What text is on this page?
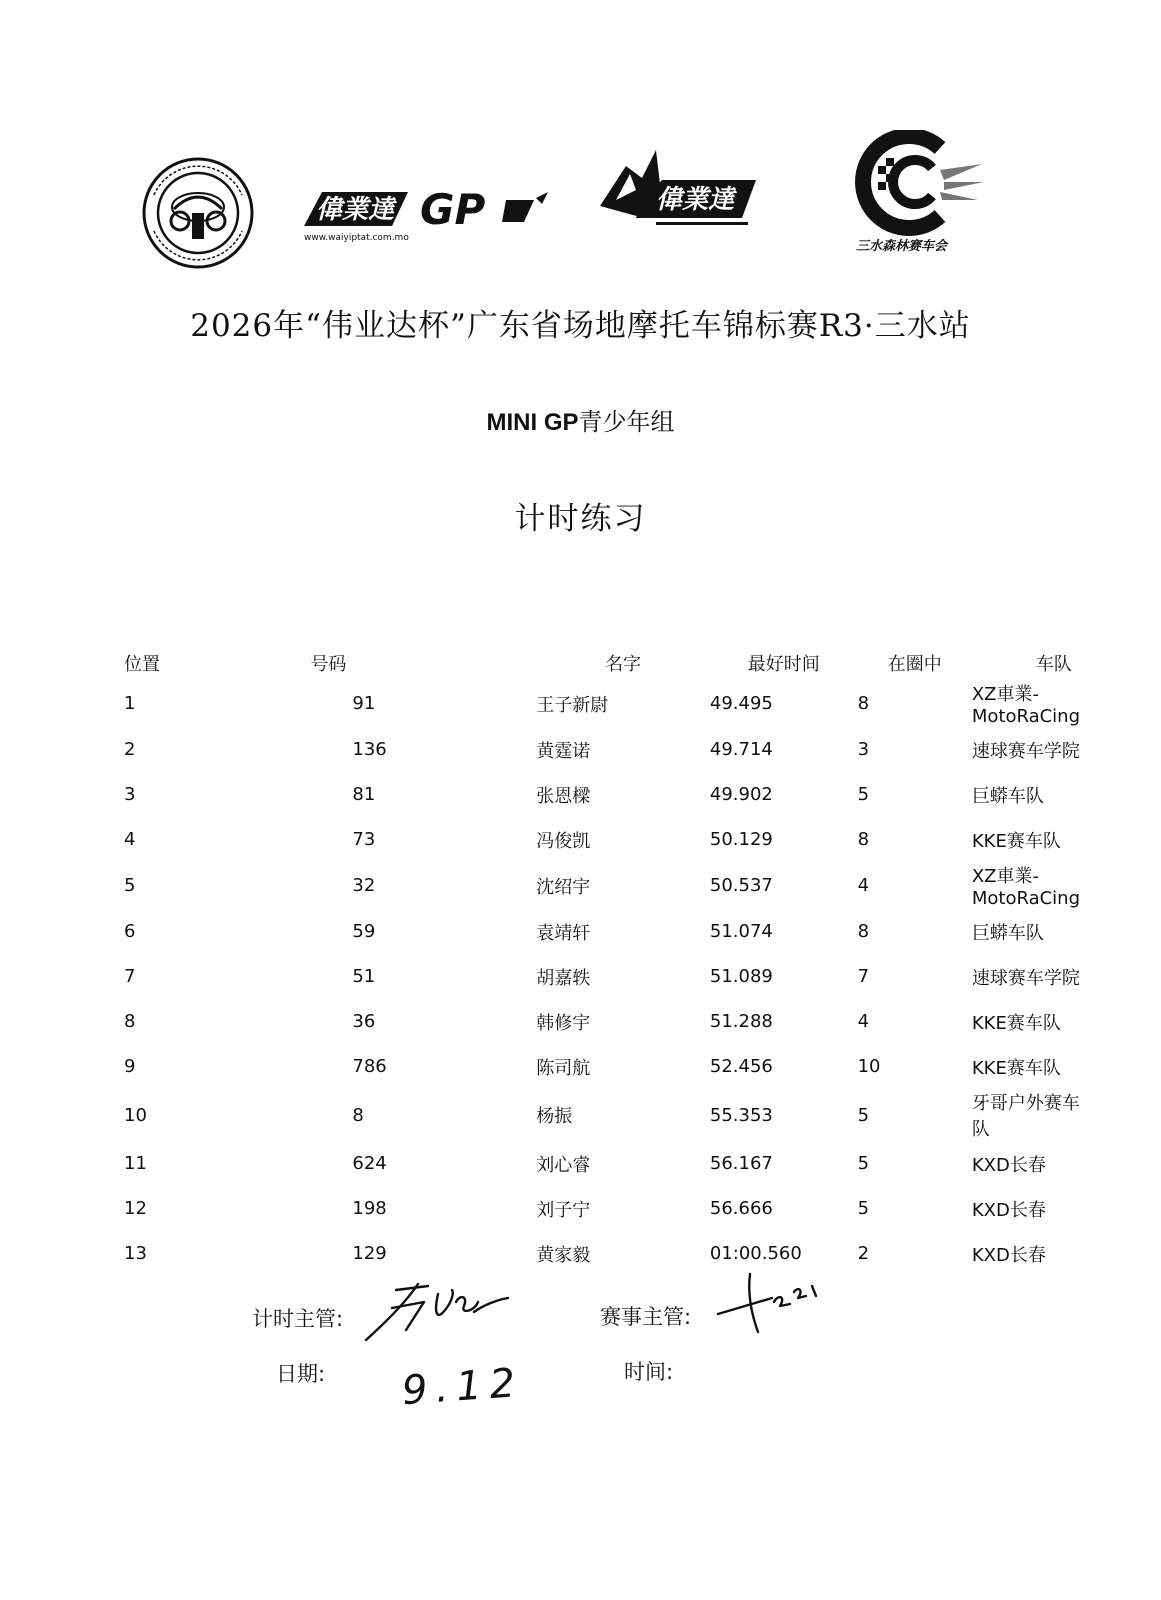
偉業達 GP
www.waiyiptat.com.mo
偉業達
三水森林赛车会
2026年“伟业达杯”广东省场地摩托车锦标赛R3·三水站
MINI GP青少年组
计时练习
位置	号码	名字	最好时间	在圈中	车队
1	91	王子新尉	49.495	8	XZ車業-MotoRaCing
2	136	黄霆诺	49.714	3	速球赛车学院
3	81	张恩樑	49.902	5	巨蟒车队
4	73	冯俊凯	50.129	8	KKE赛车队
5	32	沈绍宇	50.537	4	XZ車業-MotoRaCing
6	59	袁靖轩	51.074	8	巨蟒车队
7	51	胡嘉轶	51.089	7	速球赛车学院
8	36	韩修宇	51.288	4	KKE赛车队
9	786	陈司航	52.456	10	KKE赛车队
10	8	杨振	55.353	5	牙哥户外赛车队
11	624	刘心睿	56.167	5	KXD长春
12	198	刘子宁	56.666	5	KXD长春
13	129	黄家毅	01:00.560	2	KXD长春
计时主管:	赛事主管:
日期:	时间:
9.12
